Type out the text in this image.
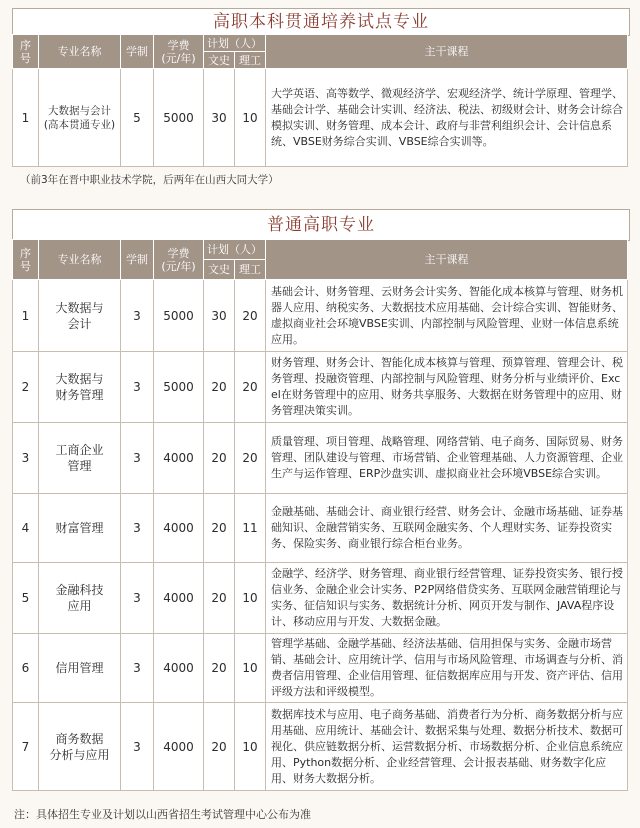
高职本科贯通培养试点专业
序
号	专业名称	学制	学费
(元/年)	计划（人）		主干课程
				文史	理工	
1	大数据与会计
(高本贯通专业)	5	5000	30	10	大学英语、高等数学、微观经济学、宏观经济学、统计学原理、管理学、基础会计学、基础会计实训、经济法、税法、初级财会计、财务会计综合模拟实训、财务管理、成本会计、政府与非营利组织会计、会计信息系统、VBSE财务综合实训、VBSE综合实训等。
（前3年在晋中职业技术学院，后两年在山西大同大学）
普通高职专业
序
号	专业名称	学制	学费
(元/年)	计划（人）		主干课程
				文史	理工	
1	大数据与
会计	3	5000	30	20	基础会计、财务管理、云财务会计实务、智能化成本核算与管理、财务机器人应用、纳税实务、大数据技术应用基础、会计综合实训、智能财务、虚拟商业社会环境VBSE实训、内部控制与风险管理、业财一体信息系统应用。
2	大数据与
财务管理	3	5000	20	20	财务管理、财务会计、智能化成本核算与管理、预算管理、管理会计、税务管理、投融资管理、内部控制与风险管理、财务分析与业绩评价、Excel在财务管理中的应用、财务共享服务、大数据在财务管理中的应用、财务管理决策实训。
3	工商企业
管理	3	4000	20	20	质量管理、项目管理、战略管理、网络营销、电子商务、国际贸易、财务管理、团队建设与管理、市场营销、企业管理基础、人力资源管理、企业生产与运作管理、ERP沙盘实训、虚拟商业社会环境VBSE综合实训。
4	财富管理	3	4000	20	11	金融基础、基础会计、商业银行经营、财务会计、金融市场基础、证券基础知识、金融营销实务、互联网金融实务、个人理财实务、证券投资实务、保险实务、商业银行综合柜台业务。
5	金融科技
应用	3	4000	20	10	金融学、经济学、财务管理、商业银行经营管理、证券投资实务、银行授信业务、金融企业会计实务、P2P网络借贷实务、互联网金融营销理论与实务、征信知识与实务、数据统计分析、网页开发与制作、JAVA程序设计、移动应用与开发、大数据金融。
6	信用管理	3	4000	20	10	管理学基础、金融学基础、经济法基础、信用担保与实务、金融市场营销、基础会计、应用统计学、信用与市场风险管理、市场调查与分析、消费者信用管理、企业信用管理、征信数据库应用与开发、资产评估、信用评级方法和评级模型。
7	商务数据
分析与应用	3	4000	20	10	数据库技术与应用、电子商务基础、消费者行为分析、商务数据分析与应用基础、应用统计、基础会计、数据采集与处理、数据分析技术、数据可视化、供应链数据分析、运营数据分析、市场数据分析、企业信息系统应用、Python数据分析、企业经营管理、会计报表基础、财务数字化应用、财务大数据分析。
注：具体招生专业及计划以山西省招生考试管理中心公布为准
